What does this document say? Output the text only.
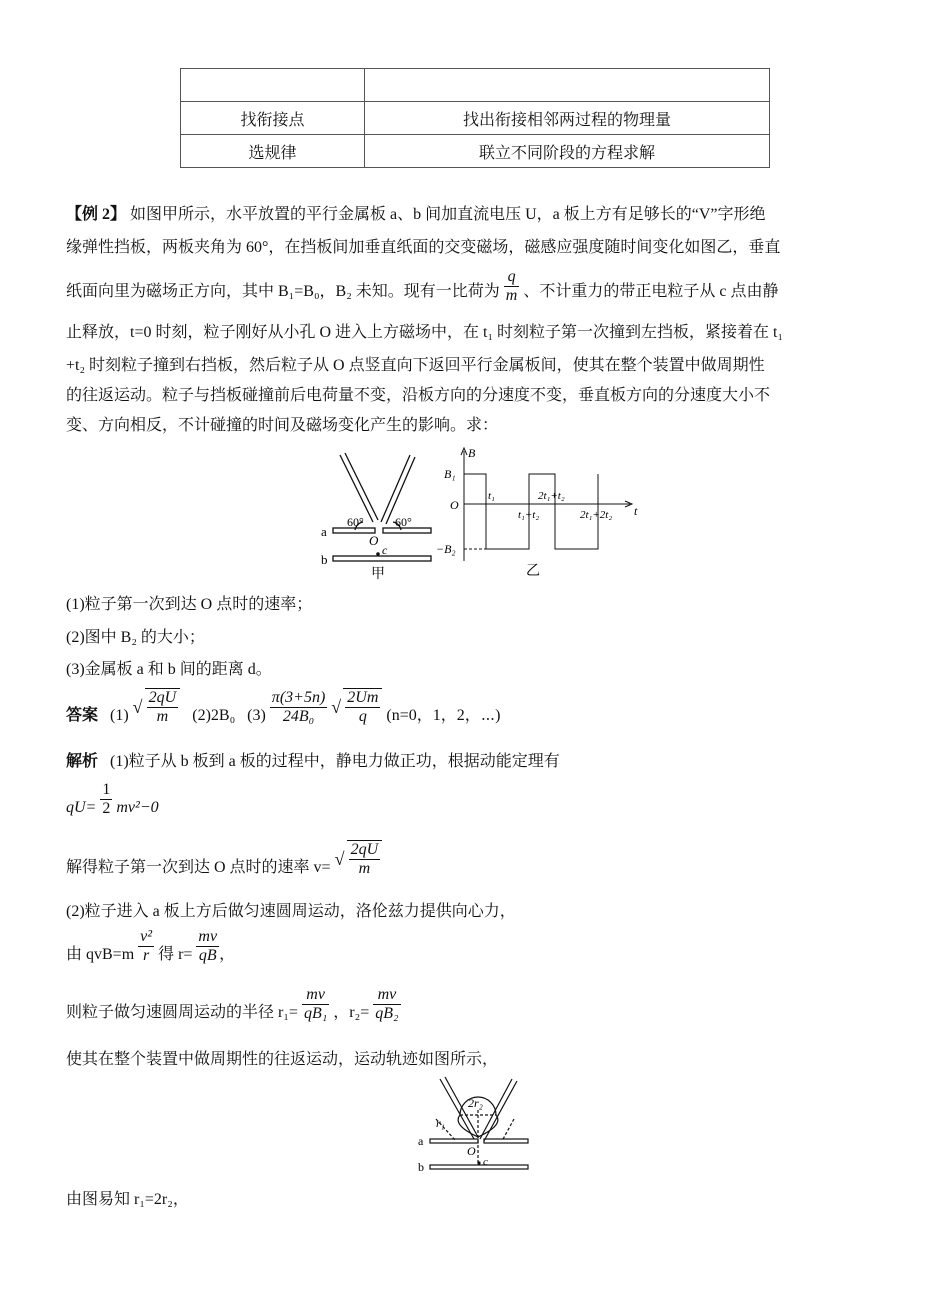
找衔接点	找出衔接相邻两过程的物理量
选规律	联立不同阶段的方程求解
【例 2】 如图甲所示，水平放置的平行金属板 a、b 间加直流电压 U，a 板上方有足够长的“V”字形绝
缘弹性挡板，两板夹角为 60°，在挡板间加垂直纸面的交变磁场，磁感应强度随时间变化如图乙，垂直
纸面向里为磁场正方向，其中 B₁=B₀，B₂ 未知。现有一比荷为 $\frac{q}{m}$ 、不计重力的带正电粒子从 c 点由静
止释放，t=0 时刻，粒子刚好从小孔 O 进入上方磁场中，在 t₁ 时刻粒子第一次撞到左挡板，紧接着在 t₁
+t₂ 时刻粒子撞到右挡板，然后粒子从 O 点竖直向下返回平行金属板间，使其在整个装置中做周期性
的往返运动。粒子与挡板碰撞前后电荷量不变，沿板方向的分速度不变，垂直板方向的分速度大小不
变、方向相反，不计碰撞的时间及磁场变化产生的影响。求：
a
b
60°	60°
O
c
甲
B
B₁
−B₂
O	t
t₁
t₁+t₂
2t₁+t₂
2t₁+2t₂
乙
(1)粒子第一次到达 O 点时的速率；
(2)图中 B₂ 的大小；
(3)金属板 a 和 b 间的距离 d。
答案 (1) √ $\frac{2qU}{m} (2)2B_0$ $(3) \frac{\pi(3+5n)}{\text{24B₀}}$
√ $\frac{2Um}{q} (n=0$，1，2，⋯)
解析 (1)粒子从 b 板到 a 板的过程中，静电力做正功，根据动能定理有
$qU= \frac{1}{2} mv^2-0$
解得粒子第一次到达 O 点时的速率 v= √ $\frac{2qU}{m}$
(2)粒子进入 a 板上方后做匀速圆周运动，洛伦兹力提供向心力，
由 $qvB=m \frac{\text{v²}}{r}$ 得 $r= \frac{mv}{qB}$ ，
则粒子做匀速圆周运动的半径 $r_1= \frac{mv}{\text{qB₁}}$ ，$r_2= \frac{mv}{\text{qB₂}}$
使其在整个装置中做周期性的往返运动，运动轨迹如图所示，
2r₂
r₁
a
b
O
c
由图易知 r₁=2r₂，
